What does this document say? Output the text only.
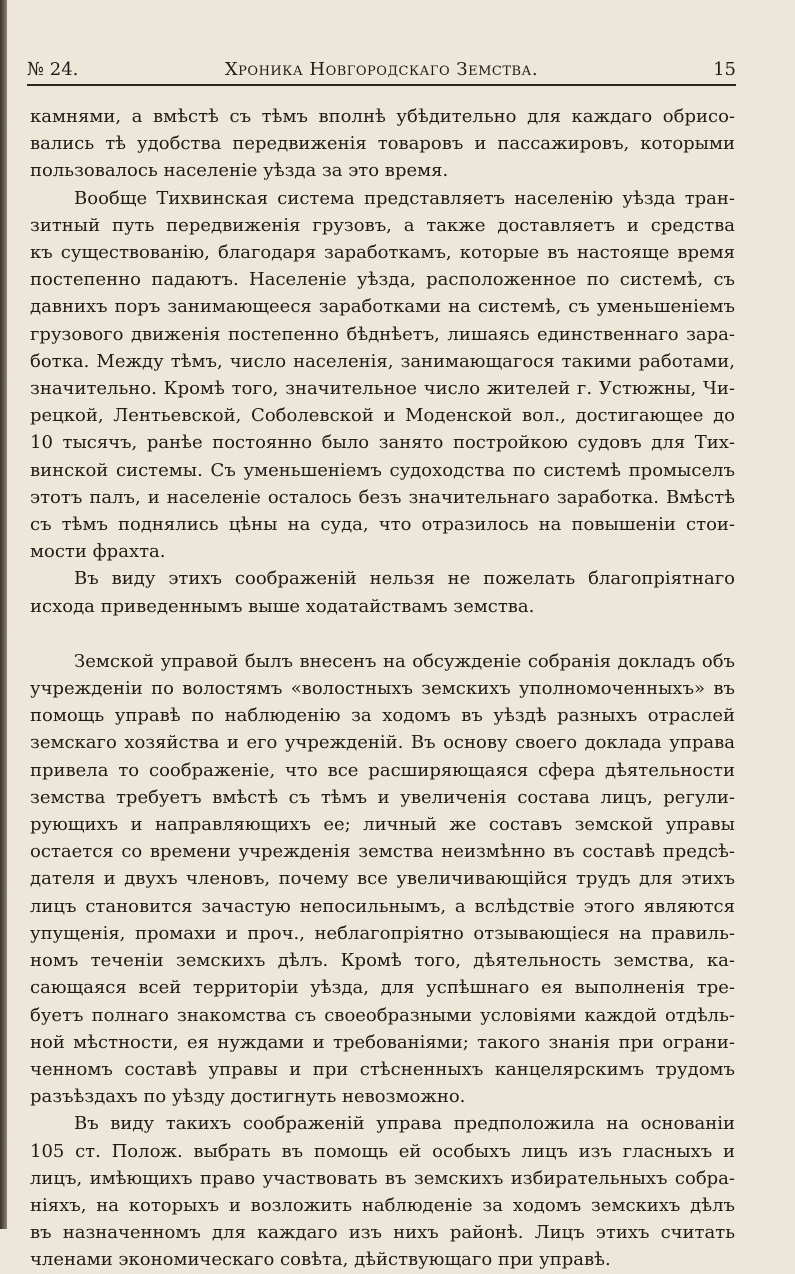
№ 24.	Хроника Новгородскаго Земства.	15

камнями, а вмѣстѣ съ тѣмъ вполнѣ убѣдительно для каждаго обрисо-

вались тѣ удобства передвиженія товаровъ и пассажировъ, которыми

пользовалось населеніе уѣзда за это время.

Вообще Тихвинская система представляетъ населенію уѣзда тран-

зитный путь передвиженія грузовъ, а также доставляетъ и средства

къ существованію, благодаря заработкамъ, которые въ настояще время

постепенно падаютъ. Населеніе уѣзда, расположенное по системѣ, съ

давнихъ поръ занимающееся заработками на системѣ, съ уменьшеніемъ

грузового движенія постепенно бѣднѣетъ, лишаясь единственнаго зара-

ботка. Между тѣмъ, число населенія, занимающагося такими работами,

значительно. Кромѣ того, значительное число жителей г. Устюжны, Чи-

рецкой, Лентьевской, Соболевской и Моденской вол., достигающее до

10 тысячъ, ранѣе постоянно было занято постройкою судовъ для Тих-

винской системы. Съ уменьшеніемъ судоходства по системѣ промыселъ

этотъ палъ, и населеніе осталось безъ значительнаго заработка. Вмѣстѣ

съ тѣмъ поднялись цѣны на суда, что отразилось на повышеніи стои-

мости фрахта.

Въ виду этихъ соображеній нельзя не пожелать благопріятнаго

исхода приведеннымъ выше ходатайствамъ земства.

Земской управой былъ внесенъ на обсужденіе собранія докладъ объ

учрежденіи по волостямъ «волостныхъ земскихъ уполномоченныхъ» въ

помощь управѣ по наблюденію за ходомъ въ уѣздѣ разныхъ отраслей

земскаго хозяйства и его учрежденій. Въ основу своего доклада управа

привела то соображеніе, что все расширяющаяся сфера дѣятельности

земства требуетъ вмѣстѣ съ тѣмъ и увеличенія состава лицъ, регули-

рующихъ и направляющихъ ее; личный же составъ земской управы

остается со времени учрежденія земства неизмѣнно въ составѣ предсѣ-

дателя и двухъ членовъ, почему все увеличивающійся трудъ для этихъ

лицъ становится зачастую непосильнымъ, а вслѣдствіе этого являются

упущенія, промахи и проч., неблагопріятно отзывающіеся на правиль-

номъ теченіи земскихъ дѣлъ. Кромѣ того, дѣятельность земства, ка-

сающаяся всей территоріи уѣзда, для успѣшнаго ея выполненія тре-

буетъ полнаго знакомства съ своеобразными условіями каждой отдѣль-

ной мѣстности, ея нуждами и требованіями; такого знанія при ограни-

ченномъ составѣ управы и при стѣсненныхъ канцелярскимъ трудомъ

разъѣздахъ по уѣзду достигнуть невозможно.

Въ виду такихъ соображеній управа предположила на основаніи

105 ст. Полож. выбрать въ помощь ей особыхъ лицъ изъ гласныхъ и

лицъ, имѣющихъ право участвовать въ земскихъ избирательныхъ собра-

ніяхъ, на которыхъ и возложить наблюденіе за ходомъ земскихъ дѣлъ

въ назначенномъ для каждаго изъ нихъ районѣ. Лицъ этихъ считать

членами экономическаго совѣта, дѣйствующаго при управѣ.
